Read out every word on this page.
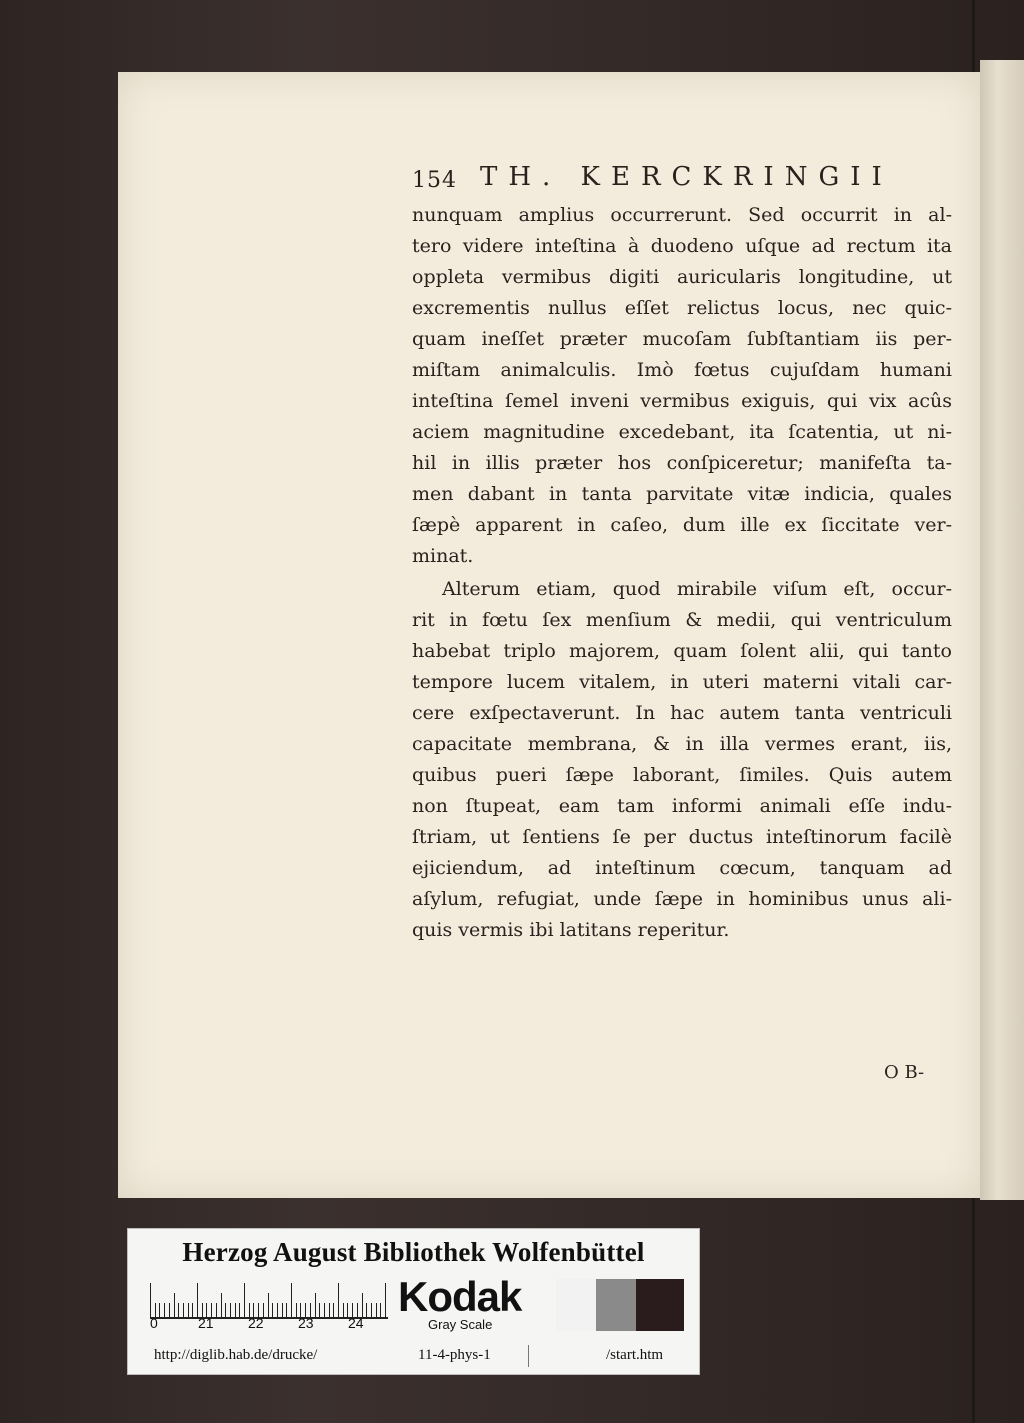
154 TH. KERCKRINGII
nunquam amplius occurrerunt. Sed occurrit in al-
tero videre inteſtina à duodeno uſque ad rectum ita
oppleta vermibus digiti auricularis longitudine, ut
excrementis nullus eſſet relictus locus, nec quic-
quam ineſſet præter mucoſam ſubſtantiam iis per-
miſtam animalculis. Imò fœtus cujuſdam humani
inteſtina ſemel inveni vermibus exiguis, qui vix acûs
aciem magnitudine excedebant, ita ſcatentia, ut ni-
hil in illis præter hos conſpiceretur; manifeſta ta-
men dabant in tanta parvitate vitæ indicia, quales
ſæpè apparent in caſeo, dum ille ex ſiccitate ver-
minat.
Alterum etiam, quod mirabile viſum eſt, occur-
rit in fœtu ſex menſium & medii, qui ventriculum
habebat triplo majorem, quam ſolent alii, qui tanto
tempore lucem vitalem, in uteri materni vitali car-
cere exſpectaverunt. In hac autem tanta ventriculi
capacitate membrana, & in illa vermes erant, iis,
quibus pueri ſæpe laborant, ſimiles. Quis autem
non ſtupeat, eam tam informi animali eſſe indu-
ſtriam, ut ſentiens ſe per ductus inteſtinorum facilè
ejiciendum, ad inteſtinum cœcum, tanquam ad
aſylum, refugiat, unde ſæpe in hominibus unus ali-
quis vermis ibi latitans reperitur.
O B-
Herzog August Bibliothek Wolfenbüttel
0	21 22 23 24
Kodak
Gray Scale
http://diglib.hab.de/drucke/	11-4-phys-1	/start.htm
